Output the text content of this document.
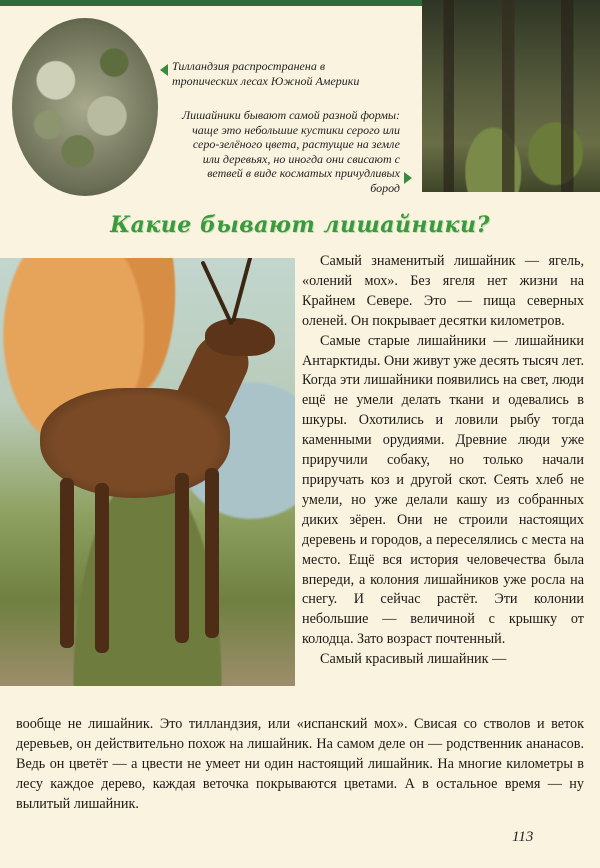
Тилландзия распространена в тропических лесах Южной Америки
Лишайники бывают самой разной формы: чаще это небольшие кустики серого или серо-зелёного цвета, растущие на земле или деревьях, но иногда они свисают с ветвей в виде косматых причудливых бород
Какие бывают лишайники?

Самый знаменитый лишайник — ягель, «олений мох». Без ягеля нет жизни на Крайнем Севере. Это — пища северных оленей. Он покрывает десятки километров.

Самые старые лишайники — лишайники Антарктиды. Они живут уже десять тысяч лет. Когда эти лишайники появились на свет, люди ещё не умели делать ткани и одевались в шкуры. Охотились и ловили рыбу тогда каменными орудиями. Древние люди уже приручили собаку, но только начали приручать коз и другой скот. Сеять хлеб не умели, но уже делали кашу из собранных диких зёрен. Они не строили настоящих деревень и городов, а переселялись с места на место. Ещё вся история человечества была впереди, а колония лишайников уже росла на снегу. И сейчас растёт. Эти колонии небольшие — величиной с крышку от колодца. Зато возраст почтенный.

Самый красивый лишайник —

вообще не лишайник. Это тилландзия, или «испанский мох». Свисая со стволов и веток деревьев, он действительно похож на лишайник. На самом деле он — родственник ананасов. Ведь он цветёт — а цвести не умеет ни один настоящий лишайник. На многие километры в лесу каждое дерево, каждая веточка покрываются цветами. А в остальное время — ну вылитый лишайник.

113
